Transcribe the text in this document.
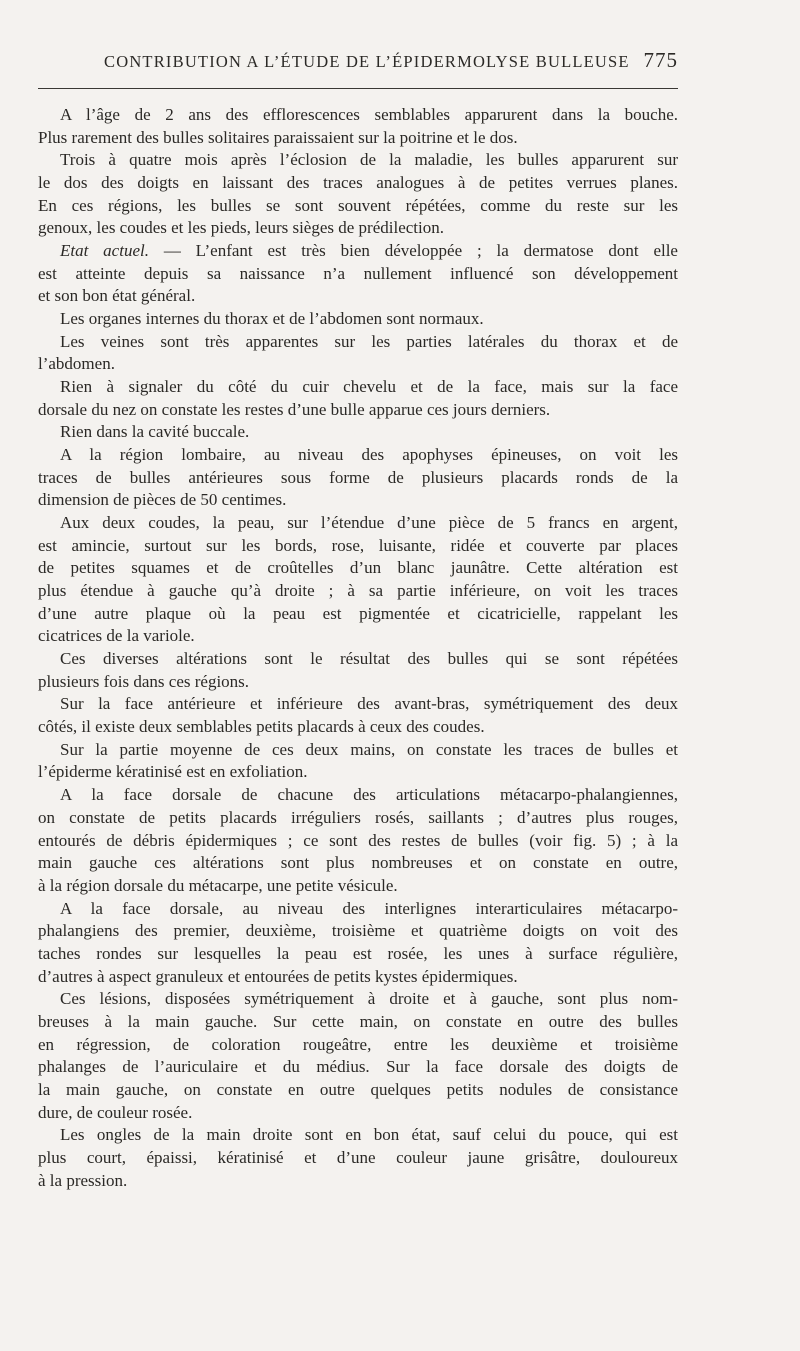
CONTRIBUTION A L’ÉTUDE DE L’ÉPIDERMOLYSE BULLEUSE 775
A l’âge de 2 ans des efflorescences semblables apparurent dans la bouche.
Plus rarement des bulles solitaires paraissaient sur la poitrine et le dos.
Trois à quatre mois après l’éclosion de la maladie, les bulles apparurent sur
le dos des doigts en laissant des traces analogues à de petites verrues planes.
En ces régions, les bulles se sont souvent répétées, comme du reste sur les
genoux, les coudes et les pieds, leurs sièges de prédilection.
Etat actuel. — L’enfant est très bien développée ; la dermatose dont elle
est atteinte depuis sa naissance n’a nullement influencé son développement
et son bon état général.
Les organes internes du thorax et de l’abdomen sont normaux.
Les veines sont très apparentes sur les parties latérales du thorax et de
l’abdomen.
Rien à signaler du côté du cuir chevelu et de la face, mais sur la face
dorsale du nez on constate les restes d’une bulle apparue ces jours derniers.
Rien dans la cavité buccale.
A la région lombaire, au niveau des apophyses épineuses, on voit les
traces de bulles antérieures sous forme de plusieurs placards ronds de la
dimension de pièces de 50 centimes.
Aux deux coudes, la peau, sur l’étendue d’une pièce de 5 francs en argent,
est amincie, surtout sur les bords, rose, luisante, ridée et couverte par places
de petites squames et de croûtelles d’un blanc jaunâtre. Cette altération est
plus étendue à gauche qu’à droite ; à sa partie inférieure, on voit les traces
d’une autre plaque où la peau est pigmentée et cicatricielle, rappelant les
cicatrices de la variole.
Ces diverses altérations sont le résultat des bulles qui se sont répétées
plusieurs fois dans ces régions.
Sur la face antérieure et inférieure des avant-bras, symétriquement des deux
côtés, il existe deux semblables petits placards à ceux des coudes.
Sur la partie moyenne de ces deux mains, on constate les traces de bulles et
l’épiderme kératinisé est en exfoliation.
A la face dorsale de chacune des articulations métacarpo-phalangiennes,
on constate de petits placards irréguliers rosés, saillants ; d’autres plus rouges,
entourés de débris épidermiques ; ce sont des restes de bulles (voir fig. 5) ; à la
main gauche ces altérations sont plus nombreuses et on constate en outre,
à la région dorsale du métacarpe, une petite vésicule.
A la face dorsale, au niveau des interlignes interarticulaires métacarpo-
phalangiens des premier, deuxième, troisième et quatrième doigts on voit des
taches rondes sur lesquelles la peau est rosée, les unes à surface régulière,
d’autres à aspect granuleux et entourées de petits kystes épidermiques.
Ces lésions, disposées symétriquement à droite et à gauche, sont plus nom-
breuses à la main gauche. Sur cette main, on constate en outre des bulles
en régression, de coloration rougeâtre, entre les deuxième et troisième
phalanges de l’auriculaire et du médius. Sur la face dorsale des doigts de
la main gauche, on constate en outre quelques petits nodules de consistance
dure, de couleur rosée.
Les ongles de la main droite sont en bon état, sauf celui du pouce, qui est
plus court, épaissi, kératinisé et d’une couleur jaune grisâtre, douloureux
à la pression.
